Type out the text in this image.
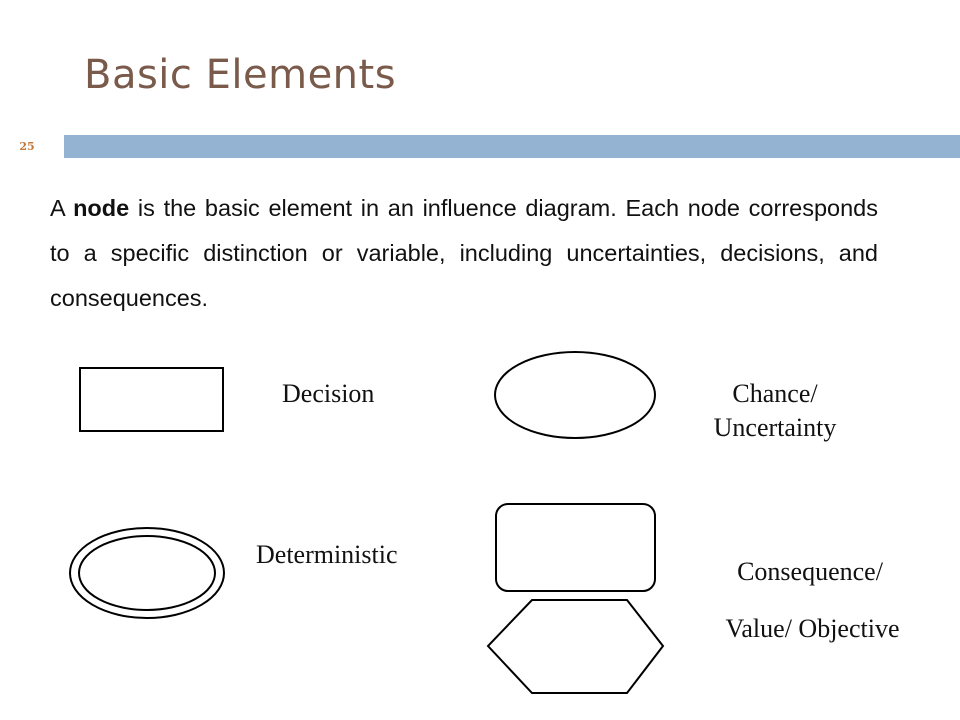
Basic Elements
25
A node is the basic element in an influence diagram. Each node corresponds to a specific distinction or variable, including uncertainties, decisions, and consequences.
Decision	Chance/
Uncertainty
Deterministic
Consequence/
Value/ Objective
